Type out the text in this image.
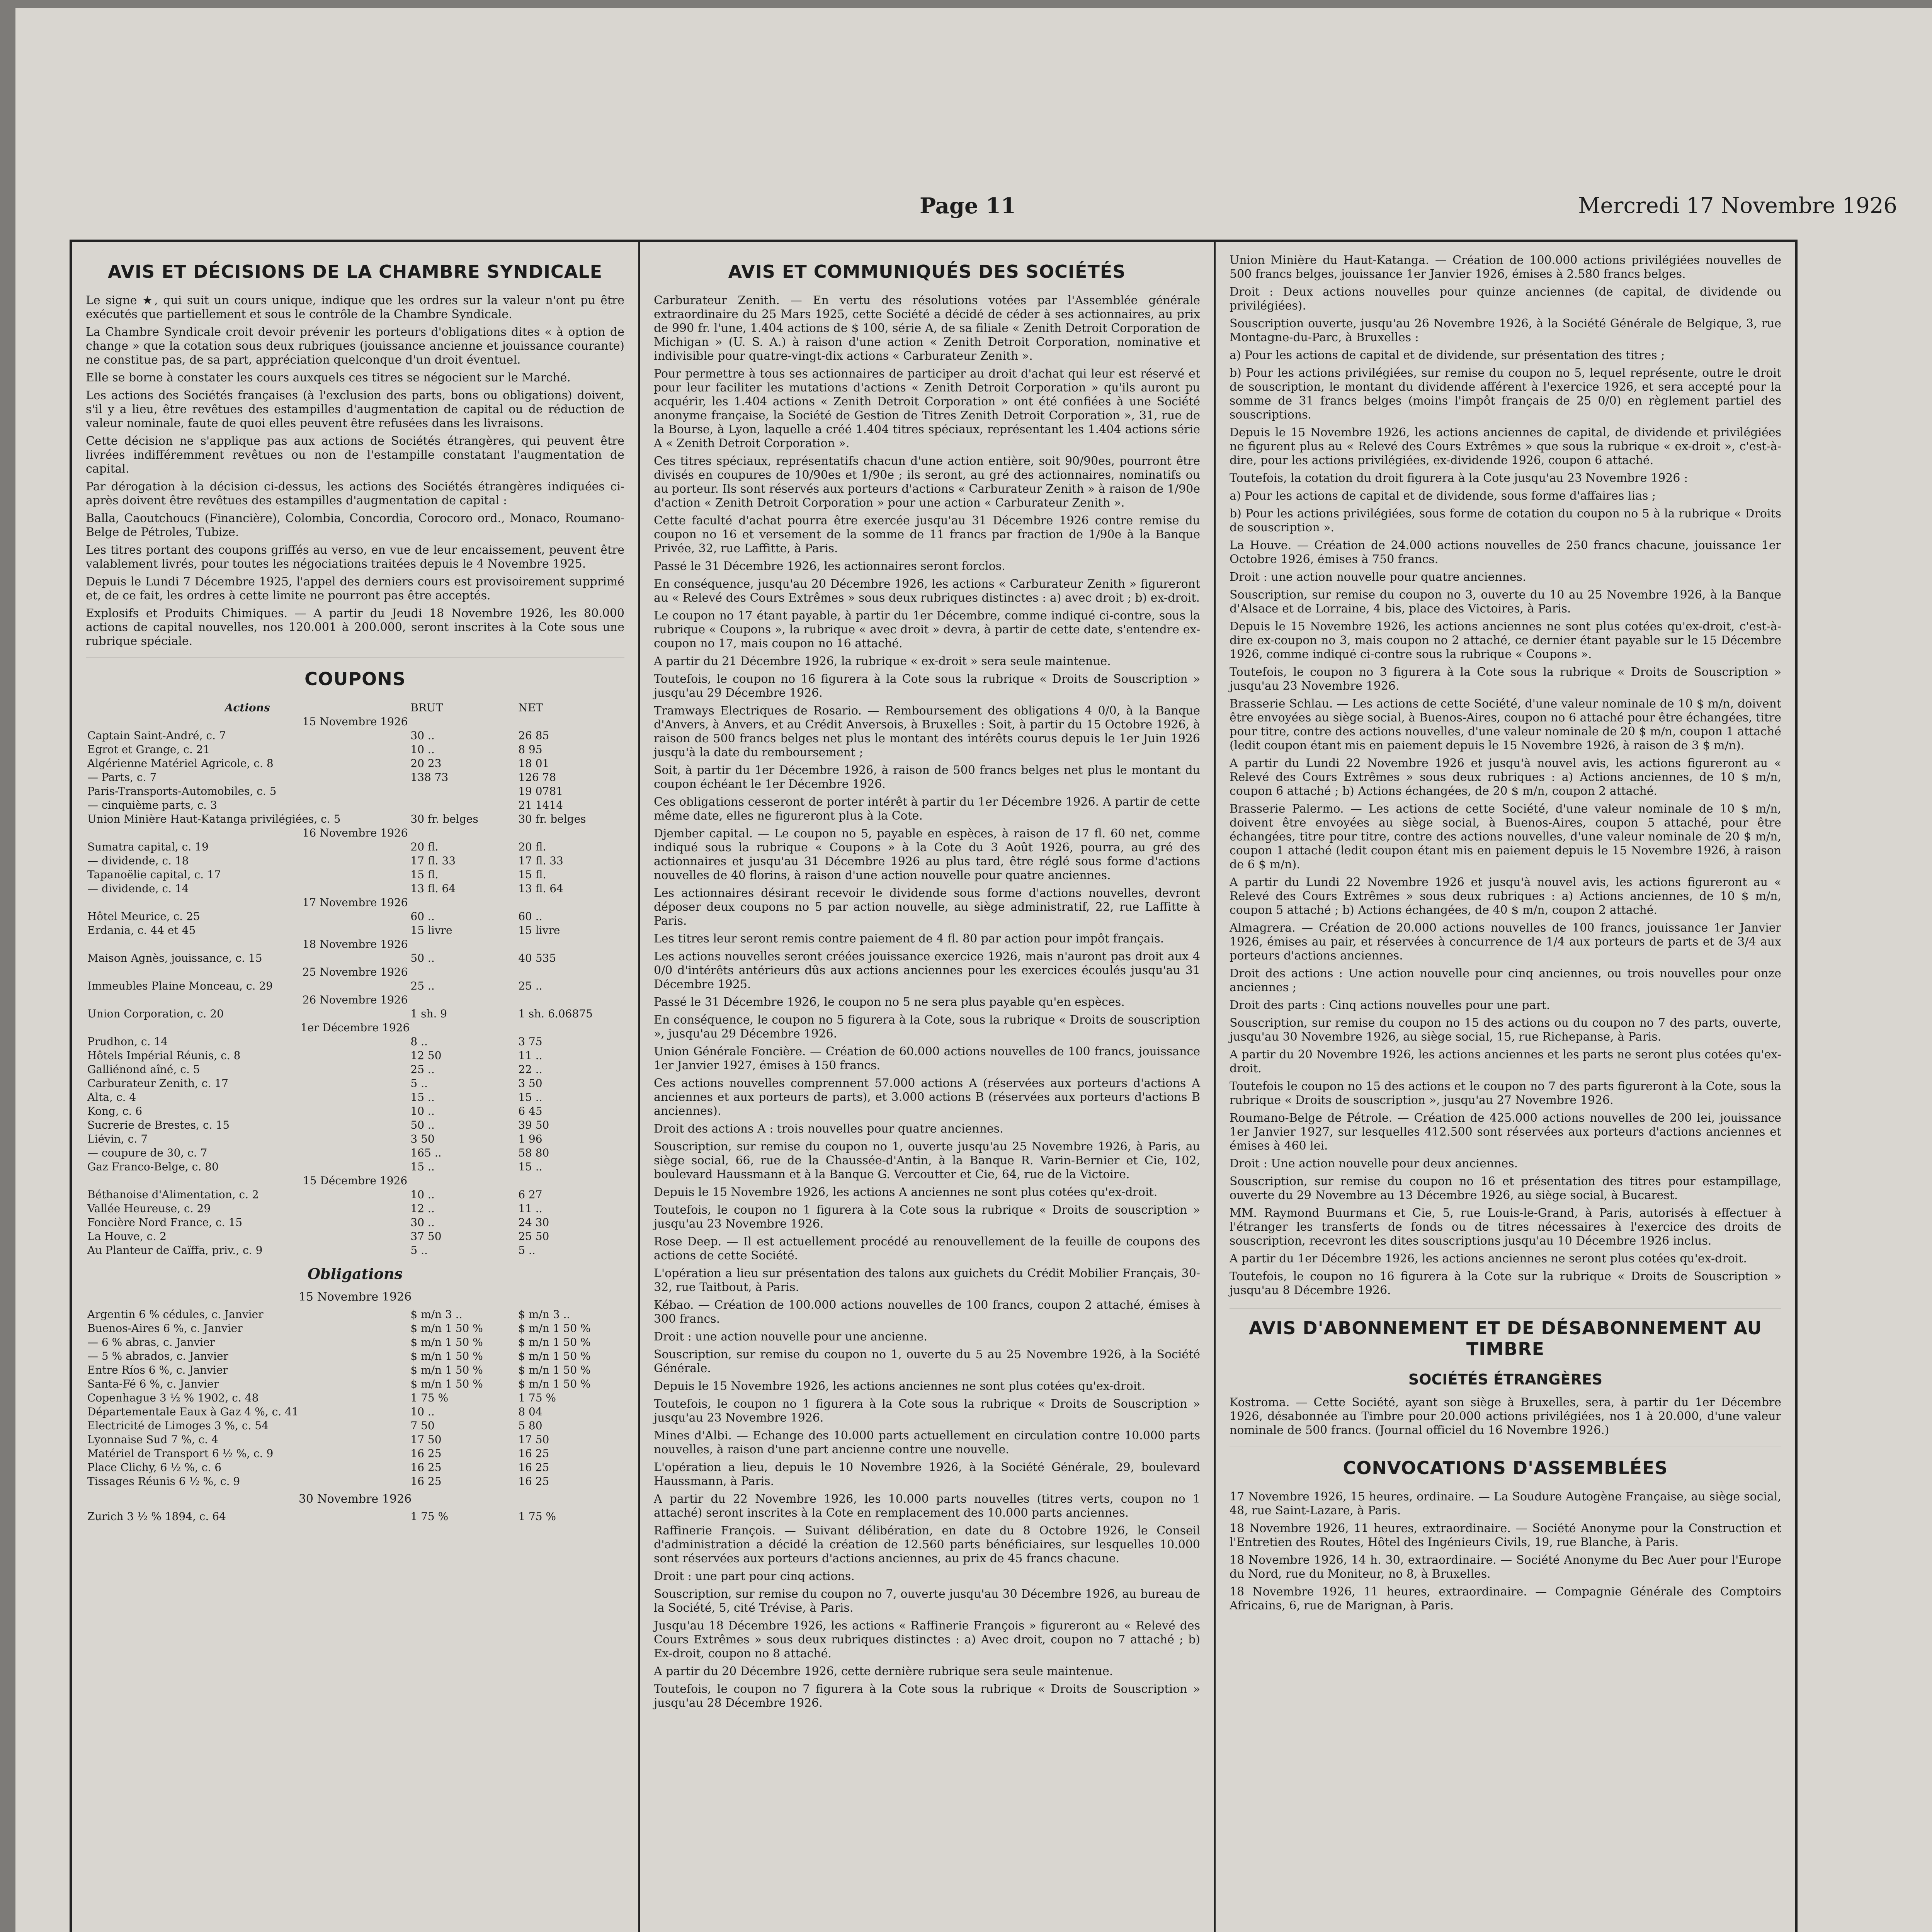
Page 11	Mercredi 17 Novembre 1926
AVIS ET DÉCISIONS DE LA CHAMBRE SYNDICALE

Le signe ★, qui suit un cours unique, indique que les ordres sur la valeur n'ont pu être exécutés que partiellement et sous le contrôle de la Chambre Syndicale.

La Chambre Syndicale croit devoir prévenir les porteurs d'obligations dites « à option de change » que la cotation sous deux rubriques (jouissance ancienne et jouissance courante) ne constitue pas, de sa part, appréciation quelconque d'un droit éventuel.

Elle se borne à constater les cours auxquels ces titres se négocient sur le Marché.

Les actions des Sociétés françaises (à l'exclusion des parts, bons ou obligations) doivent, s'il y a lieu, être revêtues des estampilles d'augmentation de capital ou de réduction de valeur nominale, faute de quoi elles peuvent être refusées dans les livraisons.

Cette décision ne s'applique pas aux actions de Sociétés étrangères, qui peuvent être livrées indifféremment revêtues ou non de l'estampille constatant l'augmentation de capital.

Par dérogation à la décision ci-dessus, les actions des Sociétés étrangères indiquées ci-après doivent être revêtues des estampilles d'augmentation de capital :

Balla, Caoutchoucs (Financière), Colombia, Concordia, Corocoro ord., Monaco, Roumano-Belge de Pétroles, Tubize.

Les titres portant des coupons griffés au verso, en vue de leur encaissement, peuvent être valablement livrés, pour toutes les négociations traitées depuis le 4 Novembre 1925.

Depuis le Lundi 7 Décembre 1925, l'appel des derniers cours est provisoirement supprimé et, de ce fait, les ordres à cette limite ne pourront pas être acceptés.

Explosifs et Produits Chimiques. — A partir du Jeudi 18 Novembre 1926, les 80.000 actions de capital nouvelles, nos 120.001 à 200.000, seront inscrites à la Cote sous une rubrique spéciale.

COUPONS
Actions	BRUT	NET
15 Novembre 1926		
Captain Saint-André, c. 7	30 ..	26 85
Egrot et Grange, c. 21	10 ..	8 95
Algérienne Matériel Agricole, c. 8	20 23	18 01
— Parts, c. 7	138 73	126 78
Paris-Transports-Automobiles, c. 5		19 0781
— cinquième parts, c. 3		21 1414
Union Minière Haut-Katanga privilégiées, c. 5	30 fr. belges	30 fr. belges
16 Novembre 1926		
Sumatra capital, c. 19	20 fl.	20 fl.
— dividende, c. 18	17 fl. 33	17 fl. 33
Tapanoëlie capital, c. 17	15 fl.	15 fl.
— dividende, c. 14	13 fl. 64	13 fl. 64
17 Novembre 1926		
Hôtel Meurice, c. 25	60 ..	60 ..
Erdania, c. 44 et 45	15 livre	15 livre
18 Novembre 1926		
Maison Agnès, jouissance, c. 15	50 ..	40 535
25 Novembre 1926		
Immeubles Plaine Monceau, c. 29	25 ..	25 ..
26 Novembre 1926		
Union Corporation, c. 20	1 sh. 9	1 sh. 6.06875
1er Décembre 1926		
Prudhon, c. 14	8 ..	3 75
Hôtels Impérial Réunis, c. 8	12 50	11 ..
Galliénond aîné, c. 5	25 ..	22 ..
Carburateur Zenith, c. 17	5 ..	3 50
Alta, c. 4	15 ..	15 ..
Kong, c. 6	10 ..	6 45
Sucrerie de Brestes, c. 15	50 ..	39 50
Liévin, c. 7	3 50	1 96
— coupure de 30, c. 7	165 ..	58 80
Gaz Franco-Belge, c. 80	15 ..	15 ..
15 Décembre 1926		
Béthanoise d'Alimentation, c. 2	10 ..	6 27
Vallée Heureuse, c. 29	12 ..	11 ..
Foncière Nord France, c. 15	30 ..	24 30
La Houve, c. 2	37 50	25 50
Au Planteur de Caïffa, priv., c. 9	5 ..	5 ..
Obligations
15 Novembre 1926
Argentin 6 % cédules, c. Janvier	$ m/n 3 ..	$ m/n 3 ..
Buenos-Aires 6 %, c. Janvier	$ m/n 1 50 %	$ m/n 1 50 %
— 6 % abras, c. Janvier	$ m/n 1 50 %	$ m/n 1 50 %
— 5 % abrados, c. Janvier	$ m/n 1 50 %	$ m/n 1 50 %
Entre Ríos 6 %, c. Janvier	$ m/n 1 50 %	$ m/n 1 50 %
Santa-Fé 6 %, c. Janvier	$ m/n 1 50 %	$ m/n 1 50 %
Copenhague 3 ½ % 1902, c. 48	1 75 %	1 75 %
Départementale Eaux à Gaz 4 %, c. 41	10 ..	8 04
Electricité de Limoges 3 %, c. 54	7 50	5 80
Lyonnaise Sud 7 %, c. 4	17 50	17 50
Matériel de Transport 6 ½ %, c. 9	16 25	16 25
Place Clichy, 6 ½ %, c. 6	16 25	16 25
Tissages Réunis 6 ½ %, c. 9	16 25	16 25
30 Novembre 1926
Zurich 3 ½ % 1894, c. 64	1 75 %	1 75 %
AVIS ET COMMUNIQUÉS DES SOCIÉTÉS

Carburateur Zenith. — En vertu des résolutions votées par l'Assemblée générale extraordinaire du 25 Mars 1925, cette Société a décidé de céder à ses actionnaires, au prix de 990 fr. l'une, 1.404 actions de $ 100, série A, de sa filiale « Zenith Detroit Corporation de Michigan » (U. S. A.) à raison d'une action « Zenith Detroit Corporation, nominative et indivisible pour quatre-vingt-dix actions « Carburateur Zenith ».

Pour permettre à tous ses actionnaires de participer au droit d'achat qui leur est réservé et pour leur faciliter les mutations d'actions « Zenith Detroit Corporation » qu'ils auront pu acquérir, les 1.404 actions « Zenith Detroit Corporation » ont été confiées à une Société anonyme française, la Société de Gestion de Titres Zenith Detroit Corporation », 31, rue de la Bourse, à Lyon, laquelle a créé 1.404 titres spéciaux, représentant les 1.404 actions série A « Zenith Detroit Corporation ».

Ces titres spéciaux, représentatifs chacun d'une action entière, soit 90/90es, pourront être divisés en coupures de 10/90es et 1/90e ; ils seront, au gré des actionnaires, nominatifs ou au porteur. Ils sont réservés aux porteurs d'actions « Carburateur Zenith » à raison de 1/90e d'action « Zenith Detroit Corporation » pour une action « Carburateur Zenith ».

Cette faculté d'achat pourra être exercée jusqu'au 31 Décembre 1926 contre remise du coupon no 16 et versement de la somme de 11 francs par fraction de 1/90e à la Banque Privée, 32, rue Laffitte, à Paris.

Passé le 31 Décembre 1926, les actionnaires seront forclos.

En conséquence, jusqu'au 20 Décembre 1926, les actions « Carburateur Zenith » figureront au « Relevé des Cours Extrêmes » sous deux rubriques distinctes : a) avec droit ; b) ex-droit.

Le coupon no 17 étant payable, à partir du 1er Décembre, comme indiqué ci-contre, sous la rubrique « Coupons », la rubrique « avec droit » devra, à partir de cette date, s'entendre ex-coupon no 17, mais coupon no 16 attaché.

A partir du 21 Décembre 1926, la rubrique « ex-droit » sera seule maintenue.

Toutefois, le coupon no 16 figurera à la Cote sous la rubrique « Droits de Souscription » jusqu'au 29 Décembre 1926.

Tramways Electriques de Rosario. — Remboursement des obligations 4 0/0, à la Banque d'Anvers, à Anvers, et au Crédit Anversois, à Bruxelles : Soit, à partir du 15 Octobre 1926, à raison de 500 francs belges net plus le montant des intérêts courus depuis le 1er Juin 1926 jusqu'à la date du remboursement ;

Soit, à partir du 1er Décembre 1926, à raison de 500 francs belges net plus le montant du coupon échéant le 1er Décembre 1926.

Ces obligations cesseront de porter intérêt à partir du 1er Décembre 1926. A partir de cette même date, elles ne figureront plus à la Cote.

Djember capital. — Le coupon no 5, payable en espèces, à raison de 17 fl. 60 net, comme indiqué sous la rubrique « Coupons » à la Cote du 3 Août 1926, pourra, au gré des actionnaires et jusqu'au 31 Décembre 1926 au plus tard, être réglé sous forme d'actions nouvelles de 40 florins, à raison d'une action nouvelle pour quatre anciennes.

Les actionnaires désirant recevoir le dividende sous forme d'actions nouvelles, devront déposer deux coupons no 5 par action nouvelle, au siège administratif, 22, rue Laffitte à Paris.

Les titres leur seront remis contre paiement de 4 fl. 80 par action pour impôt français.

Les actions nouvelles seront créées jouissance exercice 1926, mais n'auront pas droit aux 4 0/0 d'intérêts antérieurs dûs aux actions anciennes pour les exercices écoulés jusqu'au 31 Décembre 1925.

Passé le 31 Décembre 1926, le coupon no 5 ne sera plus payable qu'en espèces.

En conséquence, le coupon no 5 figurera à la Cote, sous la rubrique « Droits de souscription », jusqu'au 29 Décembre 1926.

Union Générale Foncière. — Création de 60.000 actions nouvelles de 100 francs, jouissance 1er Janvier 1927, émises à 150 francs.

Ces actions nouvelles comprennent 57.000 actions A (réservées aux porteurs d'actions A anciennes et aux porteurs de parts), et 3.000 actions B (réservées aux porteurs d'actions B anciennes).

Droit des actions A : trois nouvelles pour quatre anciennes.

Souscription, sur remise du coupon no 1, ouverte jusqu'au 25 Novembre 1926, à Paris, au siège social, 66, rue de la Chaussée-d'Antin, à la Banque R. Varin-Bernier et Cie, 102, boulevard Haussmann et à la Banque G. Vercoutter et Cie, 64, rue de la Victoire.

Depuis le 15 Novembre 1926, les actions A anciennes ne sont plus cotées qu'ex-droit.

Toutefois, le coupon no 1 figurera à la Cote sous la rubrique « Droits de souscription » jusqu'au 23 Novembre 1926.

Rose Deep. — Il est actuellement procédé au renouvellement de la feuille de coupons des actions de cette Société.

L'opération a lieu sur présentation des talons aux guichets du Crédit Mobilier Français, 30-32, rue Taitbout, à Paris.

Kébao. — Création de 100.000 actions nouvelles de 100 francs, coupon 2 attaché, émises à 300 francs.

Droit : une action nouvelle pour une ancienne.

Souscription, sur remise du coupon no 1, ouverte du 5 au 25 Novembre 1926, à la Société Générale.

Depuis le 15 Novembre 1926, les actions anciennes ne sont plus cotées qu'ex-droit.

Toutefois, le coupon no 1 figurera à la Cote sous la rubrique « Droits de Souscription » jusqu'au 23 Novembre 1926.

Mines d'Albi. — Echange des 10.000 parts actuellement en circulation contre 10.000 parts nouvelles, à raison d'une part ancienne contre une nouvelle.

L'opération a lieu, depuis le 10 Novembre 1926, à la Société Générale, 29, boulevard Haussmann, à Paris.

A partir du 22 Novembre 1926, les 10.000 parts nouvelles (titres verts, coupon no 1 attaché) seront inscrites à la Cote en remplacement des 10.000 parts anciennes.

Raffinerie François. — Suivant délibération, en date du 8 Octobre 1926, le Conseil d'administration a décidé la création de 12.560 parts bénéficiaires, sur lesquelles 10.000 sont réservées aux porteurs d'actions anciennes, au prix de 45 francs chacune.

Droit : une part pour cinq actions.

Souscription, sur remise du coupon no 7, ouverte jusqu'au 30 Décembre 1926, au bureau de la Société, 5, cité Trévise, à Paris.

Jusqu'au 18 Décembre 1926, les actions « Raffinerie François » figureront au « Relevé des Cours Extrêmes » sous deux rubriques distinctes : a) Avec droit, coupon no 7 attaché ; b) Ex-droit, coupon no 8 attaché.

A partir du 20 Décembre 1926, cette dernière rubrique sera seule maintenue.

Toutefois, le coupon no 7 figurera à la Cote sous la rubrique « Droits de Souscription » jusqu'au 28 Décembre 1926.

Union Minière du Haut-Katanga. — Création de 100.000 actions privilégiées nouvelles de 500 francs belges, jouissance 1er Janvier 1926, émises à 2.580 francs belges.

Droit : Deux actions nouvelles pour quinze anciennes (de capital, de dividende ou privilégiées).

Souscription ouverte, jusqu'au 26 Novembre 1926, à la Société Générale de Belgique, 3, rue Montagne-du-Parc, à Bruxelles :

a) Pour les actions de capital et de dividende, sur présentation des titres ;

b) Pour les actions privilégiées, sur remise du coupon no 5, lequel représente, outre le droit de souscription, le montant du dividende afférent à l'exercice 1926, et sera accepté pour la somme de 31 francs belges (moins l'impôt français de 25 0/0) en règlement partiel des souscriptions.

Depuis le 15 Novembre 1926, les actions anciennes de capital, de dividende et privilégiées ne figurent plus au « Relevé des Cours Extrêmes » que sous la rubrique « ex-droit », c'est-à-dire, pour les actions privilégiées, ex-dividende 1926, coupon 6 attaché.

Toutefois, la cotation du droit figurera à la Cote jusqu'au 23 Novembre 1926 :

a) Pour les actions de capital et de dividende, sous forme d'affaires lias ;

b) Pour les actions privilégiées, sous forme de cotation du coupon no 5 à la rubrique « Droits de souscription ».

La Houve. — Création de 24.000 actions nouvelles de 250 francs chacune, jouissance 1er Octobre 1926, émises à 750 francs.

Droit : une action nouvelle pour quatre anciennes.

Souscription, sur remise du coupon no 3, ouverte du 10 au 25 Novembre 1926, à la Banque d'Alsace et de Lorraine, 4 bis, place des Victoires, à Paris.

Depuis le 15 Novembre 1926, les actions anciennes ne sont plus cotées qu'ex-droit, c'est-à-dire ex-coupon no 3, mais coupon no 2 attaché, ce dernier étant payable sur le 15 Décembre 1926, comme indiqué ci-contre sous la rubrique « Coupons ».

Toutefois, le coupon no 3 figurera à la Cote sous la rubrique « Droits de Souscription » jusqu'au 23 Novembre 1926.

Brasserie Schlau. — Les actions de cette Société, d'une valeur nominale de 10 $ m/n, doivent être envoyées au siège social, à Buenos-Aires, coupon no 6 attaché pour être échangées, titre pour titre, contre des actions nouvelles, d'une valeur nominale de 20 $ m/n, coupon 1 attaché (ledit coupon étant mis en paiement depuis le 15 Novembre 1926, à raison de 3 $ m/n).

A partir du Lundi 22 Novembre 1926 et jusqu'à nouvel avis, les actions figureront au « Relevé des Cours Extrêmes » sous deux rubriques : a) Actions anciennes, de 10 $ m/n, coupon 6 attaché ; b) Actions échangées, de 20 $ m/n, coupon 2 attaché.

Brasserie Palermo. — Les actions de cette Société, d'une valeur nominale de 10 $ m/n, doivent être envoyées au siège social, à Buenos-Aires, coupon 5 attaché, pour être échangées, titre pour titre, contre des actions nouvelles, d'une valeur nominale de 20 $ m/n, coupon 1 attaché (ledit coupon étant mis en paiement depuis le 15 Novembre 1926, à raison de 6 $ m/n).

A partir du Lundi 22 Novembre 1926 et jusqu'à nouvel avis, les actions figureront au « Relevé des Cours Extrêmes » sous deux rubriques : a) Actions anciennes, de 10 $ m/n, coupon 5 attaché ; b) Actions échangées, de 40 $ m/n, coupon 2 attaché.

Almagrera. — Création de 20.000 actions nouvelles de 100 francs, jouissance 1er Janvier 1926, émises au pair, et réservées à concurrence de 1/4 aux porteurs de parts et de 3/4 aux porteurs d'actions anciennes.

Droit des actions : Une action nouvelle pour cinq anciennes, ou trois nouvelles pour onze anciennes ;

Droit des parts : Cinq actions nouvelles pour une part.

Souscription, sur remise du coupon no 15 des actions ou du coupon no 7 des parts, ouverte, jusqu'au 30 Novembre 1926, au siège social, 15, rue Richepanse, à Paris.

A partir du 20 Novembre 1926, les actions anciennes et les parts ne seront plus cotées qu'ex-droit.

Toutefois le coupon no 15 des actions et le coupon no 7 des parts figureront à la Cote, sous la rubrique « Droits de souscription », jusqu'au 27 Novembre 1926.

Roumano-Belge de Pétrole. — Création de 425.000 actions nouvelles de 200 lei, jouissance 1er Janvier 1927, sur lesquelles 412.500 sont réservées aux porteurs d'actions anciennes et émises à 460 lei.

Droit : Une action nouvelle pour deux anciennes.

Souscription, sur remise du coupon no 16 et présentation des titres pour estampillage, ouverte du 29 Novembre au 13 Décembre 1926, au siège social, à Bucarest.

MM. Raymond Buurmans et Cie, 5, rue Louis-le-Grand, à Paris, autorisés à effectuer à l'étranger les transferts de fonds ou de titres nécessaires à l'exercice des droits de souscription, recevront les dites souscriptions jusqu'au 10 Décembre 1926 inclus.

A partir du 1er Décembre 1926, les actions anciennes ne seront plus cotées qu'ex-droit.

Toutefois, le coupon no 16 figurera à la Cote sur la rubrique « Droits de Souscription » jusqu'au 8 Décembre 1926.

AVIS D'ABONNEMENT ET DE DÉSABONNEMENT AU TIMBRE
SOCIÉTÉS ÉTRANGÈRES

Kostroma. — Cette Société, ayant son siège à Bruxelles, sera, à partir du 1er Décembre 1926, désabonnée au Timbre pour 20.000 actions privilégiées, nos 1 à 20.000, d'une valeur nominale de 500 francs. (Journal officiel du 16 Novembre 1926.)

CONVOCATIONS D'ASSEMBLÉES

17 Novembre 1926, 15 heures, ordinaire. — La Soudure Autogène Française, au siège social, 48, rue Saint-Lazare, à Paris.

18 Novembre 1926, 11 heures, extraordinaire. — Société Anonyme pour la Construction et l'Entretien des Routes, Hôtel des Ingénieurs Civils, 19, rue Blanche, à Paris.

18 Novembre 1926, 14 h. 30, extraordinaire. — Société Anonyme du Bec Auer pour l'Europe du Nord, rue du Moniteur, no 8, à Bruxelles.

18 Novembre 1926, 11 heures, extraordinaire. — Compagnie Générale des Comptoirs Africains, 6, rue de Marignan, à Paris.
